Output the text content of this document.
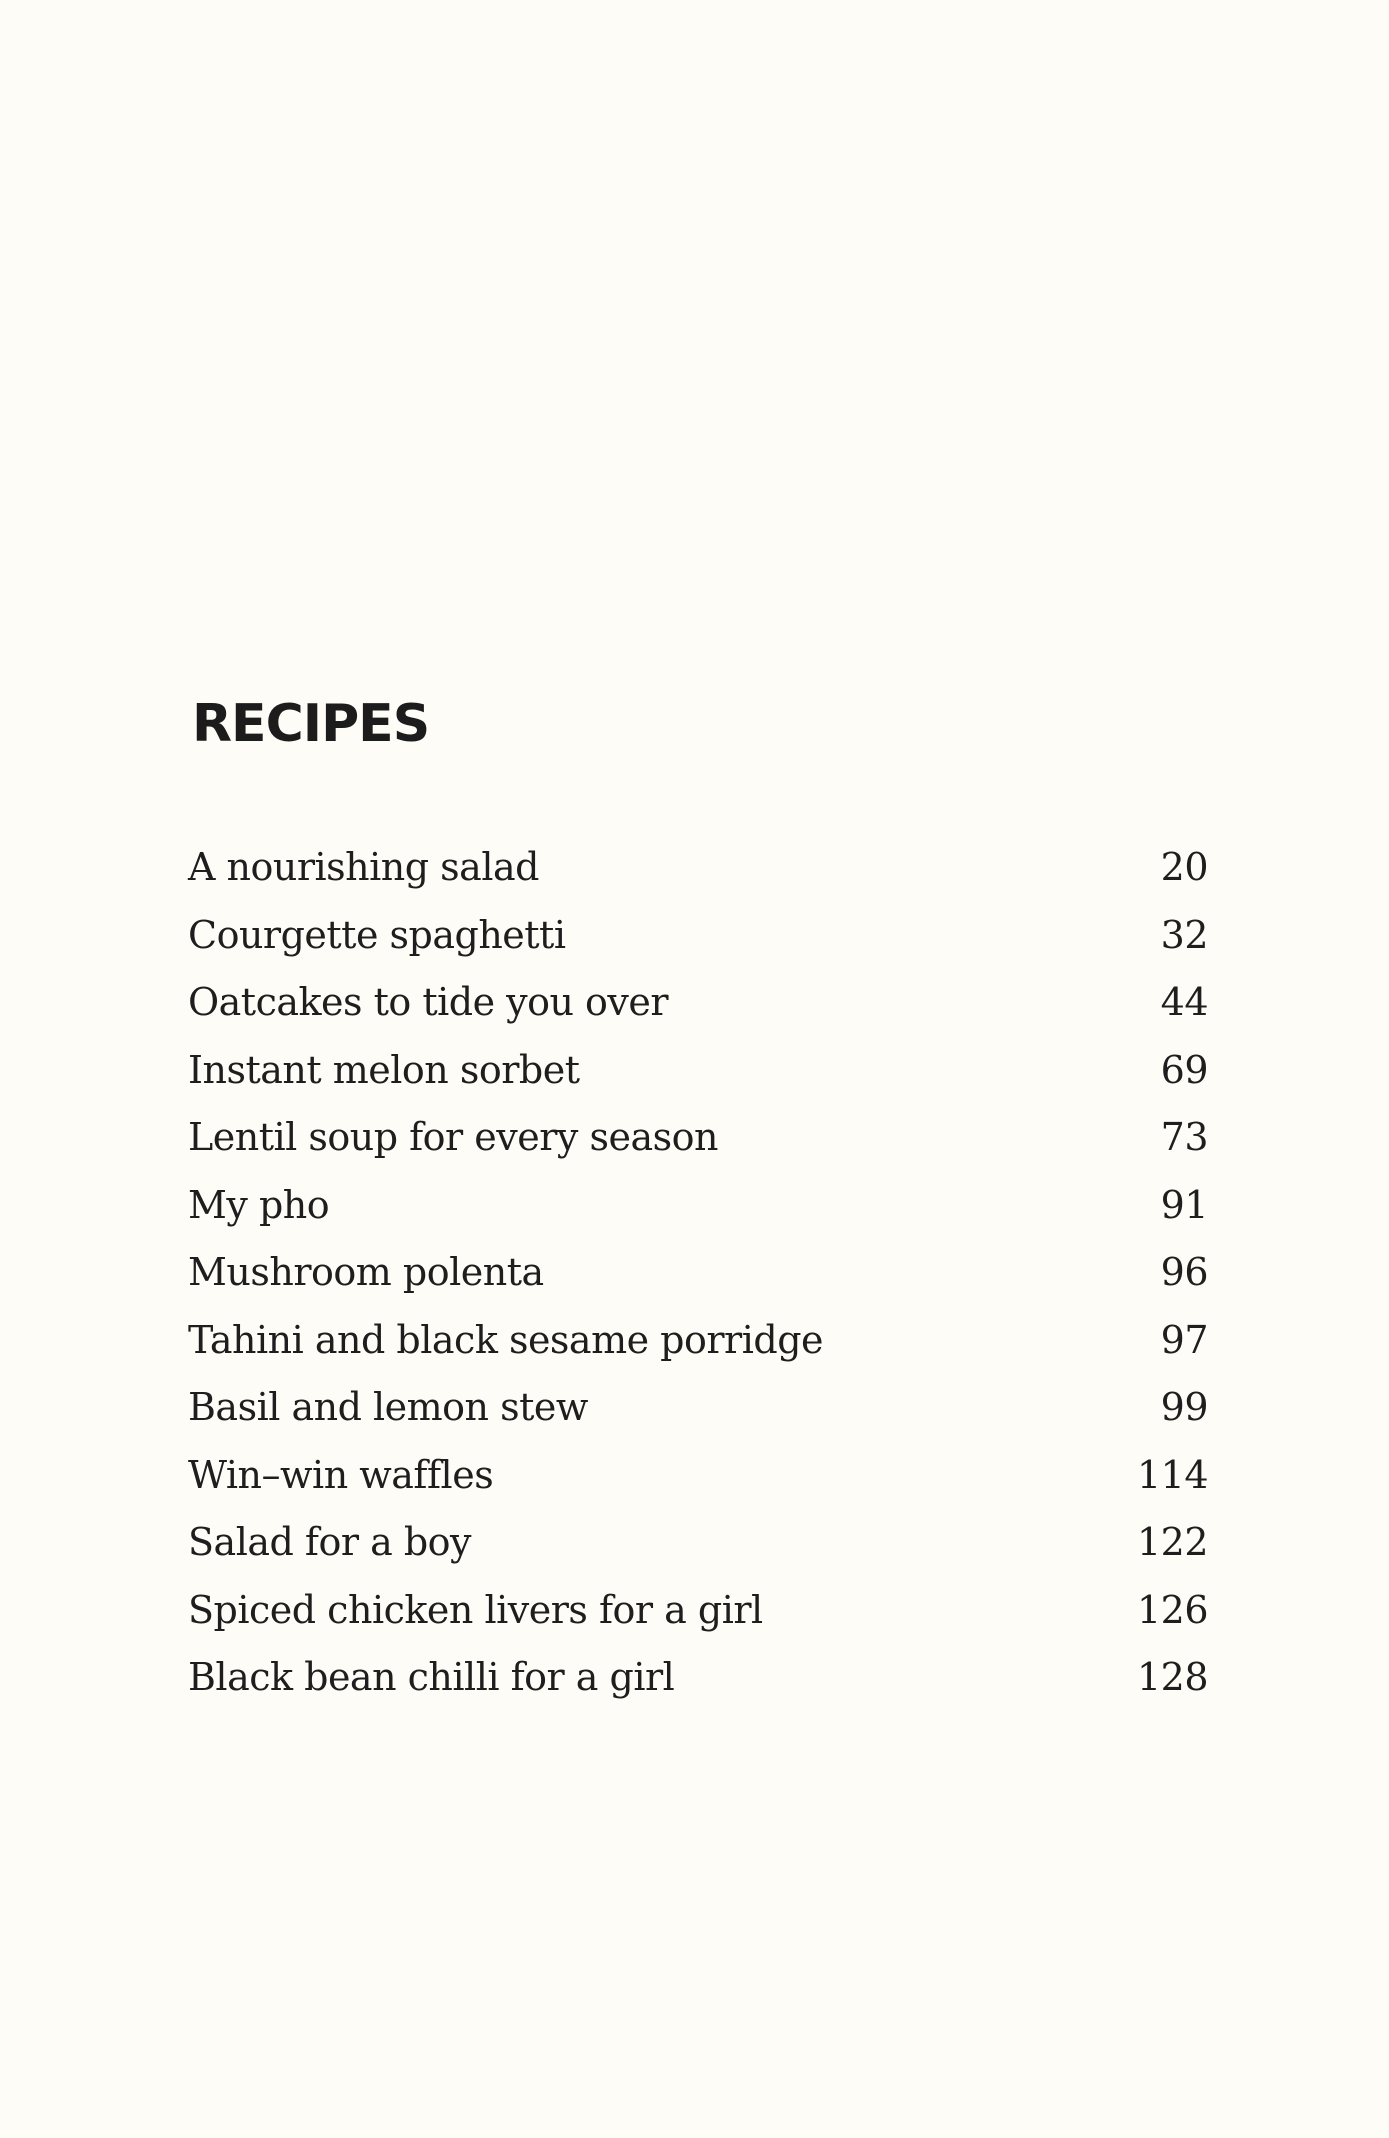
RECIPES
A nourishing salad	20
Courgette spaghetti	32
Oatcakes to tide you over	44
Instant melon sorbet	69
Lentil soup for every season	73
My pho	91
Mushroom polenta	96
Tahini and black sesame porridge	97
Basil and lemon stew	99
Win–win waffles	114
Salad for a boy	122
Spiced chicken livers for a girl	126
Black bean chilli for a girl	128
